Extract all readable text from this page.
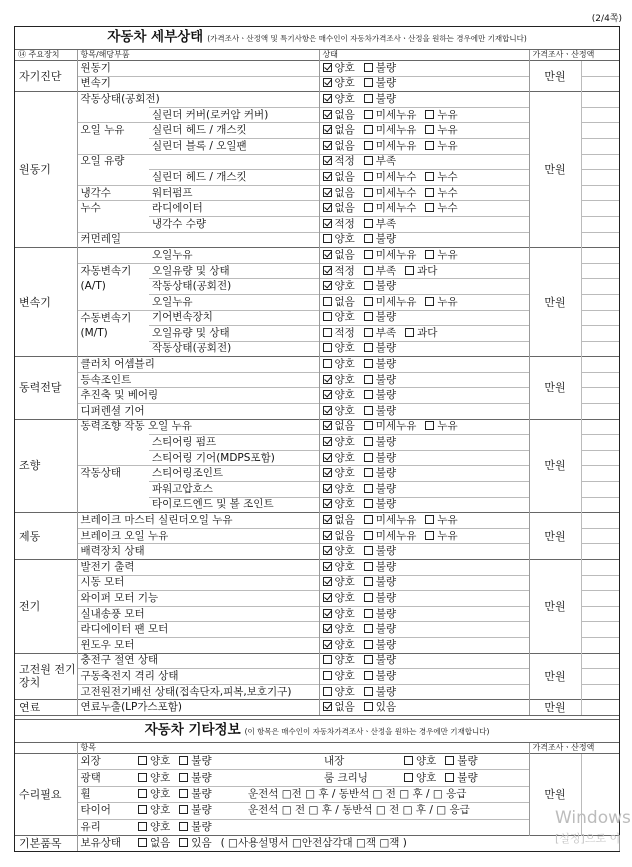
(2/4쪽)
자동차 세부상태 (가격조사ㆍ산정액 및 특기사항은 매수인이 자동차가격조사ㆍ산정을 원하는 경우에만 기재합니다)					
⑭ 주요장치	항목/해당부품		상태	가격조사ㆍ산정액	
자기진단	원동기		양호 불량	만원	
	변속기		양호 불량		
원동기	작동상태(공회전)		양호 불량	만원	
		실린더 커버(로커암 커버)	없음 미세누유 누유		
	오일 누유	실린더 헤드 / 개스킷	없음 미세누유 누유		
		실린더 블록 / 오일팬	없음 미세누유 누유		
	오일 유량		적정 부족		
		실린더 헤드 / 개스킷	없음 미세누수 누수		
	냉각수	워터펌프	없음 미세누수 누수		
	누수	라디에이터	없음 미세누수 누수		
		냉각수 수량	적정 부족		
	커먼레일		양호 불량		
변속기		오일누유	없음 미세누유 누유	만원	
	자동변속기	오일유량 및 상태	적정 부족 과다		
	(A/T)	작동상태(공회전)	양호 불량		
		오일누유	없음 미세누유 누유		
	수동변속기	기어변속장치	양호 불량		
	(M/T)	오일유량 및 상태	적정 부족 과다		
		작동상태(공회전)	양호 불량		
동력전달	클러치 어셈블리		양호 불량	만원	
	등속조인트		양호 불량		
	추진축 및 베어링		양호 불량		
	디퍼렌셜 기어		양호 불량		
조향	동력조향 작동 오일 누유		없음 미세누유 누유	만원	
		스티어링 펌프	양호 불량		
		스티어링 기어(MDPS포함)	양호 불량		
	작동상태	스티어링조인트	양호 불량		
		파워고압호스	양호 불량		
		타이로드엔드 및 볼 조인트	양호 불량		
제동	브레이크 마스터 실린더오일 누유		없음 미세누유 누유	만원	
	브레이크 오일 누유		없음 미세누유 누유		
	배력장치 상태		양호 불량		
전기	발전기 출력		양호 불량	만원	
	시동 모터		양호 불량		
	와이퍼 모터 기능		양호 불량		
	실내송풍 모터		양호 불량		
	라디에이터 팬 모터		양호 불량		
	윈도우 모터		양호 불량		
고전원 전기장치	충전구 절연 상태		양호 불량	만원	
	구동축전지 격리 상태		양호 불량		
	고전원전기배선 상태(접속단자,피복,보호기구)		양호 불량		
연료	연료누출(LP가스포함)		없음 있음	만원	

자동차 기타정보 (이 항목은 매수인이 자동차가격조사ㆍ산정을 원하는 경우에만 기재합니다)							
	항목					가격조사ㆍ산정액	
수리필요	외장	양호 불량		내장	양호 불량	만원	
	광택	양호 불량		룸 크리닝	양호 불량		
	휠	양호 불량	운전석 □전 □ 후 / 동반석 □ 전 □ 후 / □ 응급				
	타이어	양호 불량	운전석 □ 전 □ 후 / 동반석 □ 전 □ 후 / □ 응급				
	유리	양호 불량					
기본품목	보유상태	없음 있음 ( □사용설명서 □안전삼각대 □잭 □잭 )					
Windows
[설정]으로 이
